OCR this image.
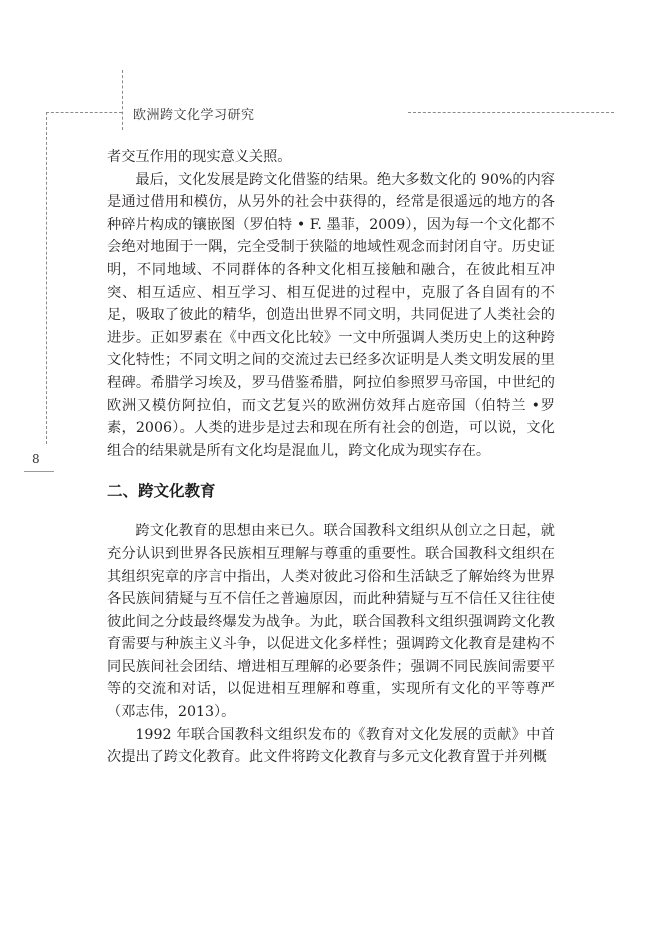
欧洲跨文化学习研究
8

者交互作用的现实意义关照。

最后，文化发展是跨文化借鉴的结果。绝大多数文化的 90%的内容是通过借用和模仿，从另外的社会中获得的，经常是很遥远的地方的各种碎片构成的镶嵌图（罗伯特 • F. 墨菲，2009），因为每一个文化都不会绝对地囿于一隅，完全受制于狭隘的地域性观念而封闭自守。历史证明，不同地域、不同群体的各种文化相互接触和融合，在彼此相互冲突、相互适应、相互学习、相互促进的过程中，克服了各自固有的不足，吸取了彼此的精华，创造出世界不同文明，共同促进了人类社会的进步。正如罗素在《中西文化比较》一文中所强调人类历史上的这种跨文化特性；不同文明之间的交流过去已经多次证明是人类文明发展的里程碑。希腊学习埃及，罗马借鉴希腊，阿拉伯参照罗马帝国，中世纪的欧洲又模仿阿拉伯，而文艺复兴的欧洲仿效拜占庭帝国（伯特兰 •罗素，2006）。人类的进步是过去和现在所有社会的创造，可以说，文化组合的结果就是所有文化均是混血儿，跨文化成为现实存在。

二、跨文化教育

跨文化教育的思想由来已久。联合国教科文组织从创立之日起，就充分认识到世界各民族相互理解与尊重的重要性。联合国教科文组织在其组织宪章的序言中指出，人类对彼此习俗和生活缺乏了解始终为世界各民族间猜疑与互不信任之普遍原因，而此种猜疑与互不信任又往往使彼此间之分歧最终爆发为战争。为此，联合国教科文组织强调跨文化教育需要与种族主义斗争，以促进文化多样性；强调跨文化教育是建构不同民族间社会团结、增进相互理解的必要条件；强调不同民族间需要平等的交流和对话，以促进相互理解和尊重，实现所有文化的平等尊严（邓志伟，2013）。

1992 年联合国教科文组织发布的《教育对文化发展的贡献》中首次提出了跨文化教育。此文件将跨文化教育与多元文化教育置于并列概
